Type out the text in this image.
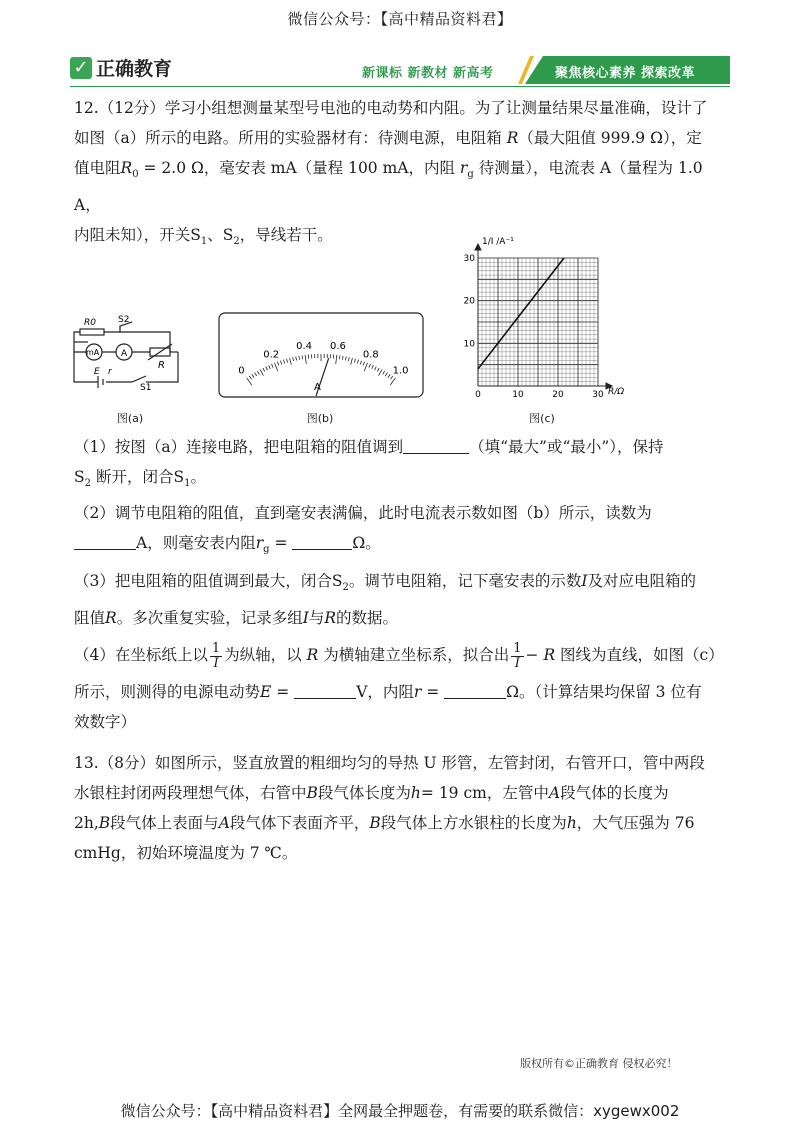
微信公众号：【高中精品资料君】
✓ 正确教育	新课标 新教材 新高考	聚焦核心素养 探索改革
12.（12分）学习小组想测量某型号电池的电动势和内阻。为了让测量结果尽量准确，设计了
如图（a）所示的电路。所用的实验器材有：待测电源，电阻箱 R（最大阻值 999.9 Ω），定
值电阻$R_0 = 2.0$ Ω，毫安表 mA（量程 100 mA，内阻 $r_g$ 待测量），电流表 A（量程为 1.0 A，
内阻未知），开关$S_1$、$S_2$，导线若干。
R0 S2
mA A
R
E r
S1
0
0.2
0.4 0.6
0.8
1.0
A
0	10	20	30
10
20
30
1/I /A⁻¹
R/Ω
图(a)	图(b)	图(c)
（1）按图（a）连接电路，把电阻箱的阻值调到	（填“最大”或“最小”），保持
$S_2$ 断开，闭合$S_1$。
（2）调节电阻箱的阻值，直到毫安表满偏，此时电流表示数如图（b）所示，读数为
A，则毫安表内阻$r_g$ =	Ω。
（3）把电阻箱的阻值调到最大，闭合$S_2$。调节电阻箱，记下毫安表的示数I及对应电阻箱的
阻值R。多次重复实验，记录多组I与R的数据。
（4）在坐标纸上以 $\frac{1}{I}$ 为纵轴，以 R 为横轴建立坐标系，拟合出 $\frac{1}{I} - R$ 图线为直线，如图（c）
所示，则测得的电源电动势E =	V，内阻r =	Ω。（计算结果均保留 3 位有
效数字）
13.（8分）如图所示，竖直放置的粗细均匀的导热 U 形管，左管封闭，右管开口，管中两段
水银柱封闭两段理想气体，右管中B段气体长度为h= 19 cm，左管中A段气体的长度为
2h,B段气体上表面与A段气体下表面齐平，B段气体上方水银柱的长度为h，大气压强为 76
cmHg，初始环境温度为 7 ℃。
版权所有©正确教育 侵权必究！
微信公众号：【高中精品资料君】全网最全押题卷，有需要的联系微信：xygewx002
